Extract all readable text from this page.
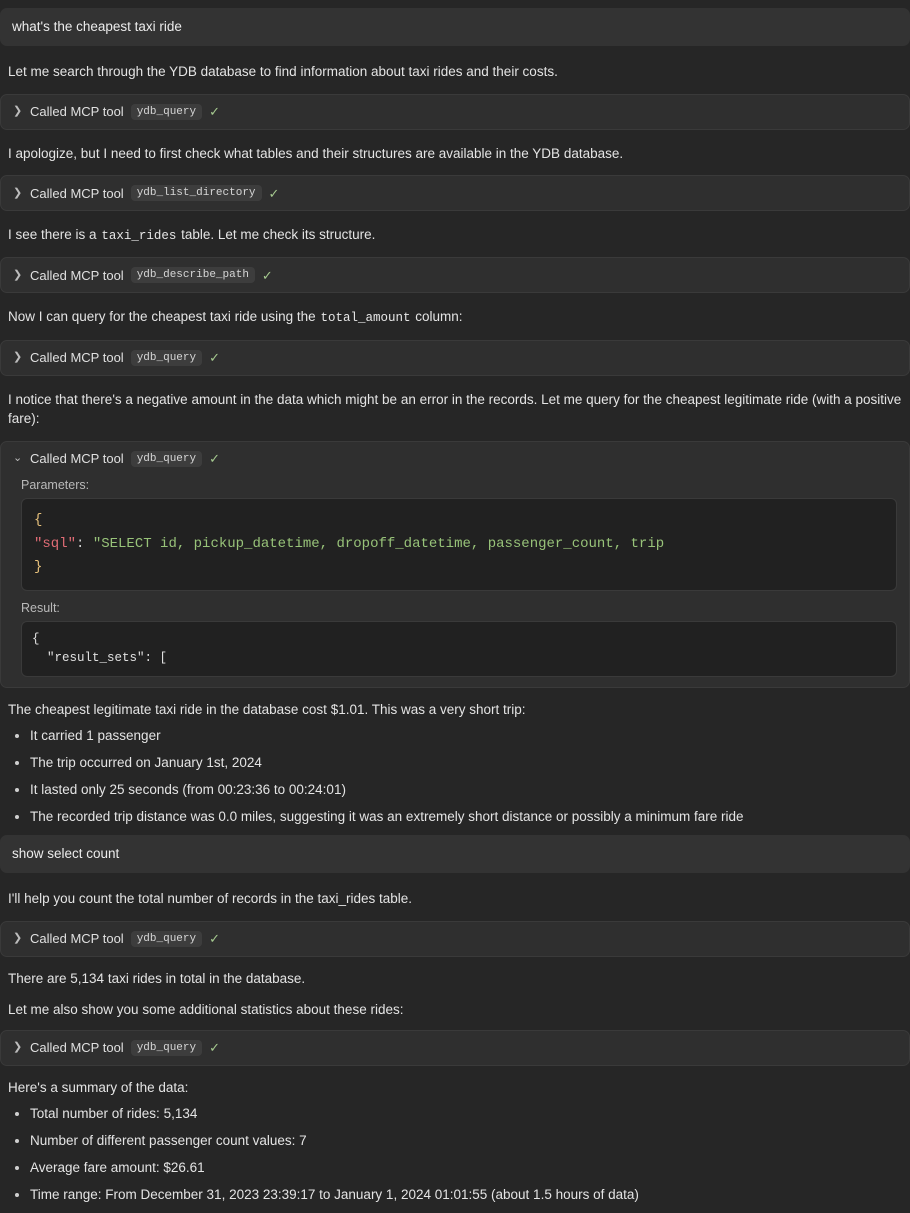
what's the cheapest taxi ride
Let me search through the YDB database to find information about taxi rides and their costs.
❯ Called MCP tool	ydb_query	✓
I apologize, but I need to first check what tables and their structures are available in the YDB database.
❯ Called MCP tool	ydb_list_directory	✓
I see there is a taxi_rides table. Let me check its structure.
❯ Called MCP tool	ydb_describe_path	✓
Now I can query for the cheapest taxi ride using the total_amount column:
❯ Called MCP tool	ydb_query	✓
I notice that there's a negative amount in the data which might be an error in the records. Let me query for the cheapest legitimate ride (with a positive fare):
⌄ Called MCP tool	ydb_query	✓
Parameters:
{
"sql": "SELECT id, pickup_datetime, dropoff_datetime, passenger_count, trip
}
Result:
{
"result_sets": [
The cheapest legitimate taxi ride in the database cost $1.01. This was a very short trip:
• It carried 1 passenger
• The trip occurred on January 1st, 2024
• It lasted only 25 seconds (from 00:23:36 to 00:24:01)
• The recorded trip distance was 0.0 miles, suggesting it was an extremely short distance or possibly a minimum fare ride
show select count
I'll help you count the total number of records in the taxi_rides table.
❯ Called MCP tool	ydb_query	✓
There are 5,134 taxi rides in total in the database.
Let me also show you some additional statistics about these rides:
❯ Called MCP tool	ydb_query	✓
Here's a summary of the data:
• Total number of rides: 5,134
• Number of different passenger count values: 7
• Average fare amount: $26.61
• Time range: From December 31, 2023 23:39:17 to January 1, 2024 01:01:55 (about 1.5 hours of data)
